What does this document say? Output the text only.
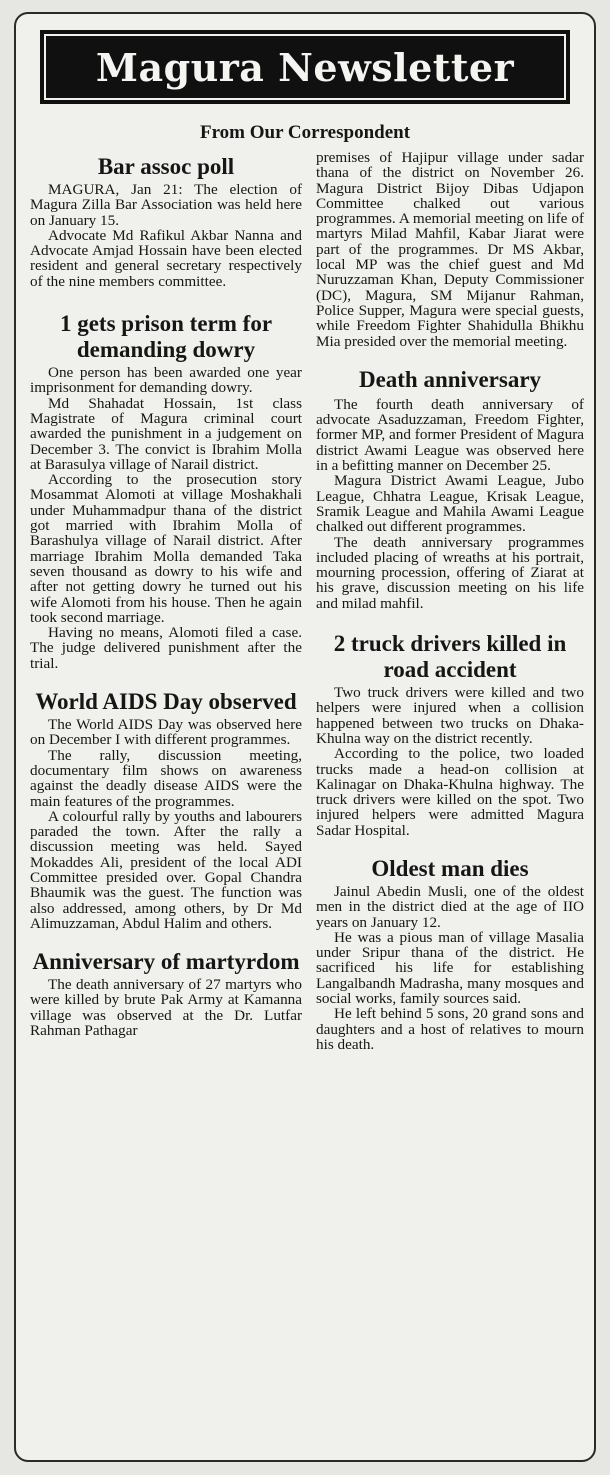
Magura Newsletter
From Our Correspondent
Bar assoc poll

MAGURA, Jan 21: The election of Magura Zilla Bar Association was held here on January 15.

Advocate Md Rafikul Akbar Nanna and Advocate Amjad Hossain have been elected resident and general secretary respectively of the nine members committee.

1 gets prison term for demanding dowry

One person has been awarded one year imprisonment for demanding dowry.

Md Shahadat Hossain, 1st class Magistrate of Magura criminal court awarded the punishment in a judgement on December 3. The convict is Ibrahim Molla at Barasulya village of Narail district.

According to the prosecution story Mosammat Alomoti at village Moshakhali under Muhammadpur thana of the district got married with Ibrahim Molla of Barashulya village of Narail district. After marriage Ibrahim Molla demanded Taka seven thousand as dowry to his wife and after not getting dowry he turned out his wife Alomoti from his house. Then he again took second marriage.

Having no means, Alomoti filed a case. The judge delivered punishment after the trial.

World AIDS Day observed

The World AIDS Day was observed here on December I with different programmes.

The rally, discussion meeting, documentary film shows on awareness against the deadly disease AIDS were the main features of the programmes.

A colourful rally by youths and labourers paraded the town. After the rally a discussion meeting was held. Sayed Mokaddes Ali, president of the local ADI Committee presided over. Gopal Chandra Bhaumik was the guest. The function was also addressed, among others, by Dr Md Alimuzzaman, Abdul Halim and others.

Anniversary of martyrdom

The death anniversary of 27 martyrs who were killed by brute Pak Army at Kamanna village was observed at the Dr. Lutfar Rahman Pathagar

premises of Hajipur village under sadar thana of the district on November 26. Magura District Bijoy Dibas Udjapon Committee chalked out various programmes. A memorial meeting on life of martyrs Milad Mahfil, Kabar Jiarat were part of the programmes. Dr MS Akbar, local MP was the chief guest and Md Nuruzzaman Khan, Deputy Commissioner (DC), Magura, SM Mijanur Rahman, Police Supper, Magura were special guests, while Freedom Fighter Shahidulla Bhikhu Mia presided over the memorial meeting.

Death anniversary

The fourth death anniversary of advocate Asaduzzaman, Freedom Fighter, former MP, and former President of Magura district Awami League was observed here in a befitting manner on December 25.

Magura District Awami League, Jubo League, Chhatra League, Krisak League, Sramik League and Mahila Awami League chalked out different programmes.

The death anniversary programmes included placing of wreaths at his portrait, mourning procession, offering of Ziarat at his grave, discussion meeting on his life and milad mahfil.

2 truck drivers killed in road accident

Two truck drivers were killed and two helpers were injured when a collision happened between two trucks on Dhaka-Khulna way on the district recently.

According to the police, two loaded trucks made a head-on collision at Kalinagar on Dhaka-Khulna highway. The truck drivers were killed on the spot. Two injured helpers were admitted Magura Sadar Hospital.

Oldest man dies

Jainul Abedin Musli, one of the oldest men in the district died at the age of IIO years on January 12.

He was a pious man of village Masalia under Sripur thana of the district. He sacrificed his life for establishing Langalbandh Madrasha, many mosques and social works, family sources said.

He left behind 5 sons, 20 grand sons and daughters and a host of relatives to mourn his death.
